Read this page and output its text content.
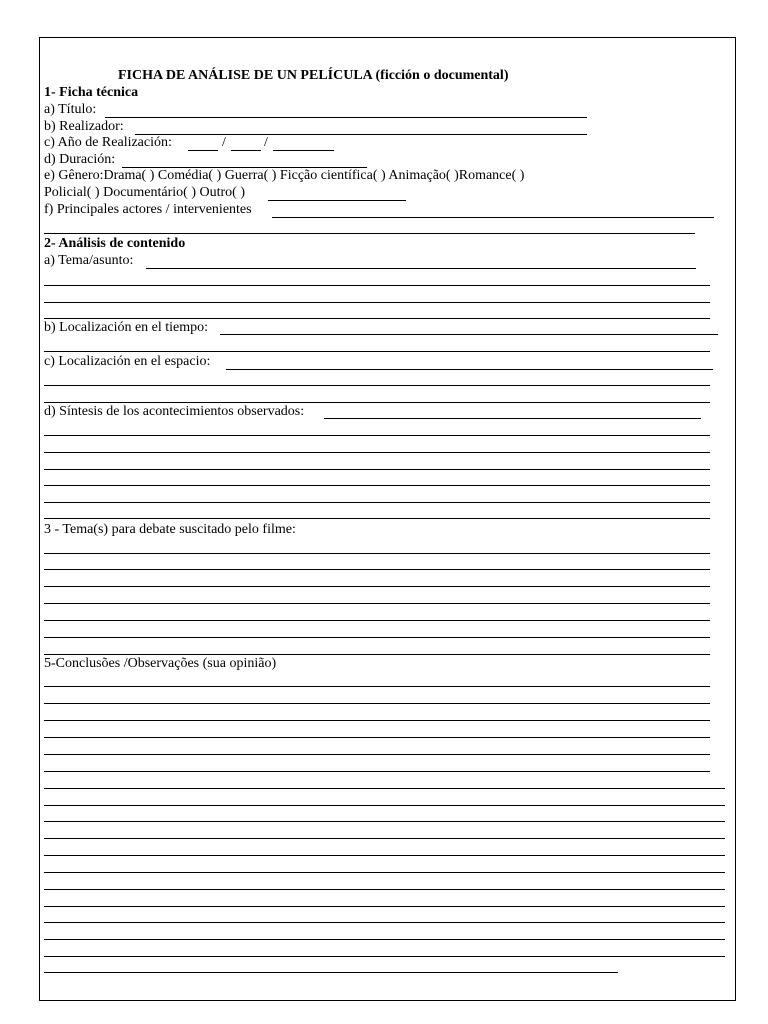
FICHA DE ANÁLISE DE UN PELÍCULA (ficción o documental)
1- Ficha técnica
a) Título:
b) Realizador:
c) Año de Realización:	/	/
d) Duración:
e) Gênero:Drama( ) Comédia( ) Guerra( ) Ficção científica( ) Animação( )Romance( )
Policial( ) Documentário( ) Outro( )
f) Principales actores / intervenientes
2- Análisis de contenido
a) Tema/asunto:
b) Localización en el tiempo:
c) Localización en el espacio:
d) Síntesis de los acontecimientos observados:
3 - Tema(s) para debate suscitado pelo filme:
5-Conclusões /Observações (sua opinião)
